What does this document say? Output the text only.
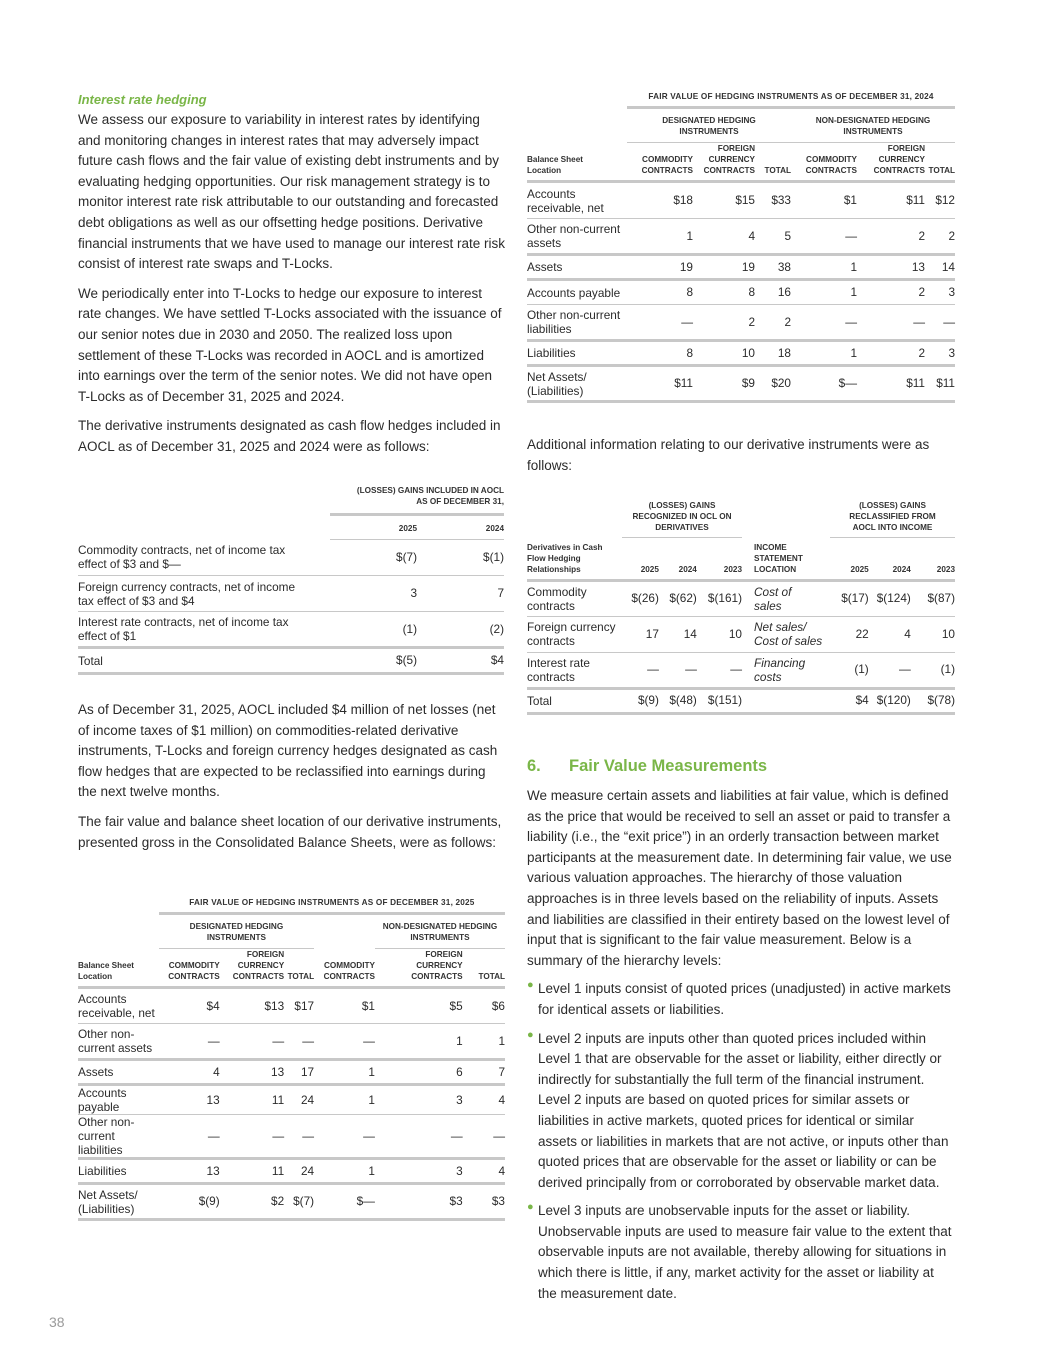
Interest rate hedging

We assess our exposure to variability in interest rates by identifying and monitoring changes in interest rates that may adversely impact future cash flows and the fair value of existing debt instruments and by evaluating hedging opportunities. Our risk management strategy is to monitor interest rate risk attributable to our outstanding and forecasted debt obligations as well as our offsetting hedge positions. Derivative financial instruments that we have used to manage our interest rate risk consist of interest rate swaps and T-Locks.

We periodically enter into T-Locks to hedge our exposure to interest rate changes. We have settled T-Locks associated with the issuance of our senior notes due in 2030 and 2050. The realized loss upon settlement of these T-Locks was recorded in AOCL and is amortized into earnings over the term of the senior notes. We did not have open T-Locks as of December 31, 2025 and 2024.

The derivative instruments designated as cash flow hedges included in AOCL as of December 31, 2025 and 2024 were as follows:

	(LOSSES) GAINS INCLUDED IN AOCL AS OF DECEMBER 31,	

	2025	2024
Commodity contracts, net of income tax effect of $3 and $—	$(7)	$(1)
Foreign currency contracts, net of income tax effect of $3 and $4	3	7
Interest rate contracts, net of income tax effect of $1	(1)	(2)
Total	$(5)	$4

As of December 31, 2025, AOCL included $4 million of net losses (net of income taxes of $1 million) on commodities-related derivative instruments, T-Locks and foreign currency hedges designated as cash flow hedges that are expected to be reclassified into earnings during the next twelve months.

The fair value and balance sheet location of our derivative instruments, presented gross in the Consolidated Balance Sheets, were as follows:

	FAIR VALUE OF HEDGING INSTRUMENTS AS OF DECEMBER 31, 2025					

	DESIGNATED HEDGING INSTRUMENTS				NON-DESIGNATED HEDGING INSTRUMENTS	

Balance Sheet Location	COMMODITY CONTRACTS	FOREIGN CURRENCY CONTRACTS	TOTAL	COMMODITY CONTRACTS	FOREIGN CURRENCY CONTRACTS	TOTAL
Accounts receivable, net	$4	$13	$17	$1	$5	$6
Other non-current assets	—	—	—	—	1	1
Assets	4	13	17	1	6	7
Accounts payable	13	11	24	1	3	4
Other non-current liabilities	—	—	—	—	—	—
Liabilities	13	11	24	1	3	4

Net Assets/ (Liabilities)	$(9)	$2	$(7)	$—	$3	$3
	FAIR VALUE OF HEDGING INSTRUMENTS AS OF DECEMBER 31, 2024					

	DESIGNATED HEDGING INSTRUMENTS			NON-DESIGNATED HEDGING INSTRUMENTS		

Balance Sheet Location	COMMODITY CONTRACTS	FOREIGN CURRENCY CONTRACTS	TOTAL	COMMODITY CONTRACTS	FOREIGN CURRENCY CONTRACTS	TOTAL
Accounts receivable, net	$18	$15	$33	$1	$11	$12
Other non-current assets	1	4	5	—	2	2
Assets	19	19	38	1	13	14
Accounts payable	8	8	16	1	2	3
Other non-current liabilities	—	2	2	—	—	—
Liabilities	8	10	18	1	2	3

Net Assets/ (Liabilities)	$11	$9	$20	$—	$11	$11

Additional information relating to our derivative instruments were as follows:

	(LOSSES) GAINS RECOGNIZED IN OCL ON DERIVATIVES				(LOSSES) GAINS RECLASSIFIED FROM AOCL INTO INCOME		

Derivatives in Cash Flow Hedging Relationships	2025	2024	2023	INCOME STATEMENT LOCATION	2025	2024	2023
Commodity contracts	$(26)	$(62)	$(161)	Cost of sales	$(17)	$(124)	$(87)
Foreign currency contracts	17	14	10	Net sales/ Cost of sales	22	4	10
Interest rate contracts	—	—	—	Financing costs	(1)	—	(1)
Total	$(9)	$(48)	$(151)		$4	$(120)	$(78)
6. Fair Value Measurements

We measure certain assets and liabilities at fair value, which is defined as the price that would be received to sell an asset or paid to transfer a liability (i.e., the “exit price”) in an orderly transaction between market participants at the measurement date. In determining fair value, we use various valuation approaches. The hierarchy of those valuation approaches is in three levels based on the reliability of inputs. Assets and liabilities are classified in their entirety based on the lowest level of input that is significant to the fair value measurement. Below is a summary of the hierarchy levels:

● Level 1 inputs consist of quoted prices (unadjusted) in active markets for identical assets or liabilities.

● Level 2 inputs are inputs other than quoted prices included within Level 1 that are observable for the asset or liability, either directly or indirectly for substantially the full term of the financial instrument. Level 2 inputs are based on quoted prices for similar assets or liabilities in active markets, quoted prices for identical or similar assets or liabilities in markets that are not active, or inputs other than quoted prices that are observable for the asset or liability or can be derived principally from or corroborated by observable market data.

● Level 3 inputs are unobservable inputs for the asset or liability. Unobservable inputs are used to measure fair value to the extent that observable inputs are not available, thereby allowing for situations in which there is little, if any, market activity for the asset or liability at the measurement date.

38
